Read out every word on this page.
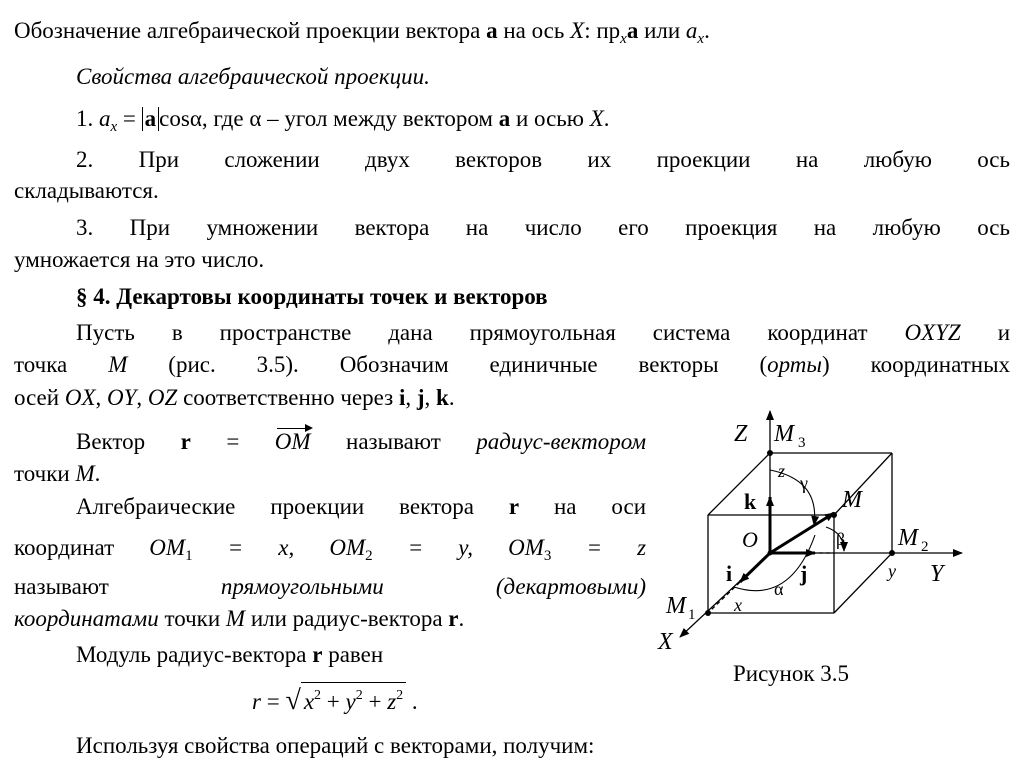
Обозначение алгебраической проекции вектора а на ось X: $пр_xа$ или $a_x$.
Свойства алгебраической проекции.
1. $a_x = a$ cosα, где α – угол между вектором а и осью X.
2. При сложении двух векторов их проекции на любую ось
складываются.
3. При умножении вектора на число его проекция на любую ось
умножается на это число.
§ 4. Декартовы координаты точек и векторов
Пусть в пространстве дана прямоугольная система координат OXYZ и
точка M (рис. 3.5). Обозначим единичные векторы (орты) координатных
осей OX, OY, OZ соответственно через i, j, k.
Вектор r = OM называют радиус-вектором
точки M.
Алгебраические проекции вектора r на оси
координат $OM_1 = x$, $OM_2 = y$, $OM_3 = z$
называют	прямоугольными	(декартовыми)
координатами точки M или радиус-вектора r.
Модуль радиус-вектора r равен
r = √ $x^2 + y^2 + z^2$ .
Используя свойства операций с векторами, получим:
Z M 3
z
γ
k	M
O	β M 2
i	j	y Y
α
M 1 x
X
Рисунок 3.5
